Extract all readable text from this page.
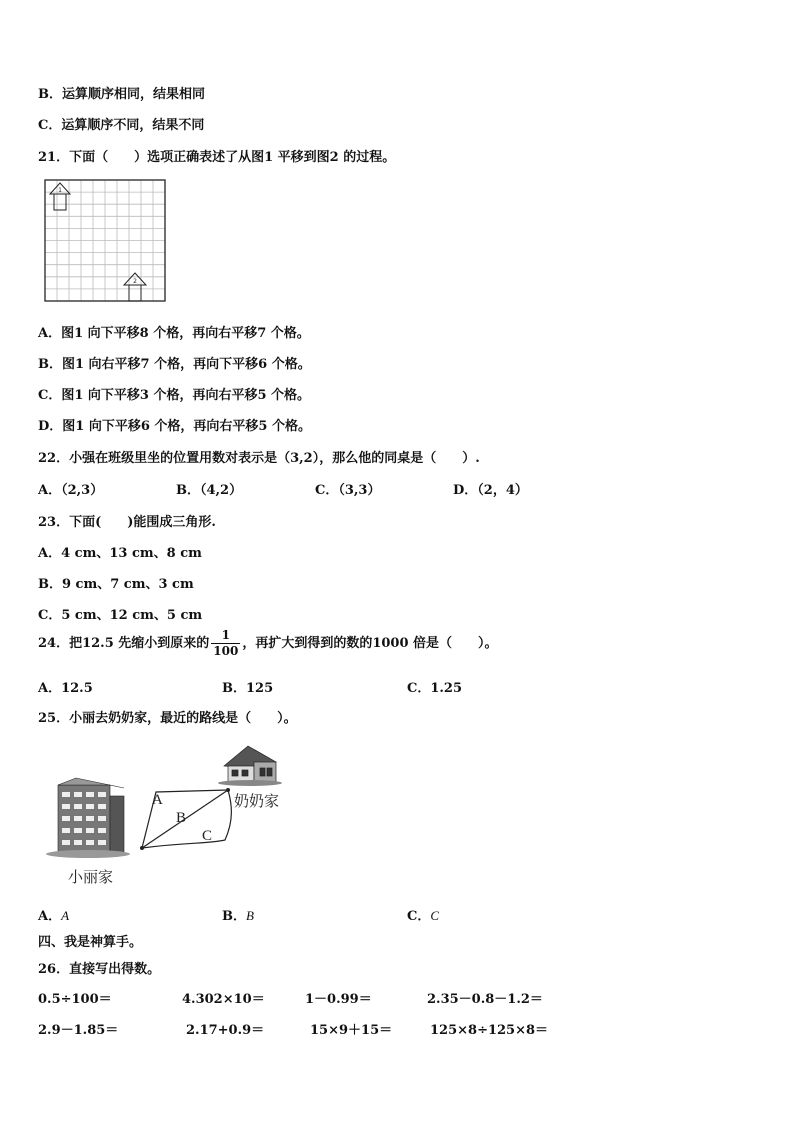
B．运算顺序相同，结果相同
C．运算顺序不同，结果不同
21．下面（　　）选项正确表述了从图1 平移到图2 的过程。
1
2
A．图1 向下平移8 个格，再向右平移7 个格。
B．图1 向右平移7 个格，再向下平移6 个格。
C．图1 向下平移3 个格，再向右平移5 个格。
D．图1 向下平移6 个格，再向右平移5 个格。
22．小强在班级里坐的位置用数对表示是（3,2），那么他的同桌是（　　）.
A．（2,3）	B．（4,2）	C．（3,3）	D．（2，4）
23．下面(　　)能围成三角形.
A．4 cm、13 cm、8 cm
B．9 cm、7 cm、3 cm
C．5 cm、12 cm、5 cm
24．把12.5 先缩小到原来的 $\frac{1}{100}$ ，再扩大到得到的数的1000 倍是（　　）。
A．12.5	B．125	C．1.25
25．小丽去奶奶家，最近的路线是（　　）。
A
B
C
奶奶家
小丽家
A．A	B．B	C．C
四、我是神算手。
26．直接写出得数。
0.5÷100＝	4.302×10＝	1－0.99＝	2.35－0.8－1.2＝
2.9－1.85＝	2.17+0.9＝	15×9＋15＝	125×8÷125×8＝
